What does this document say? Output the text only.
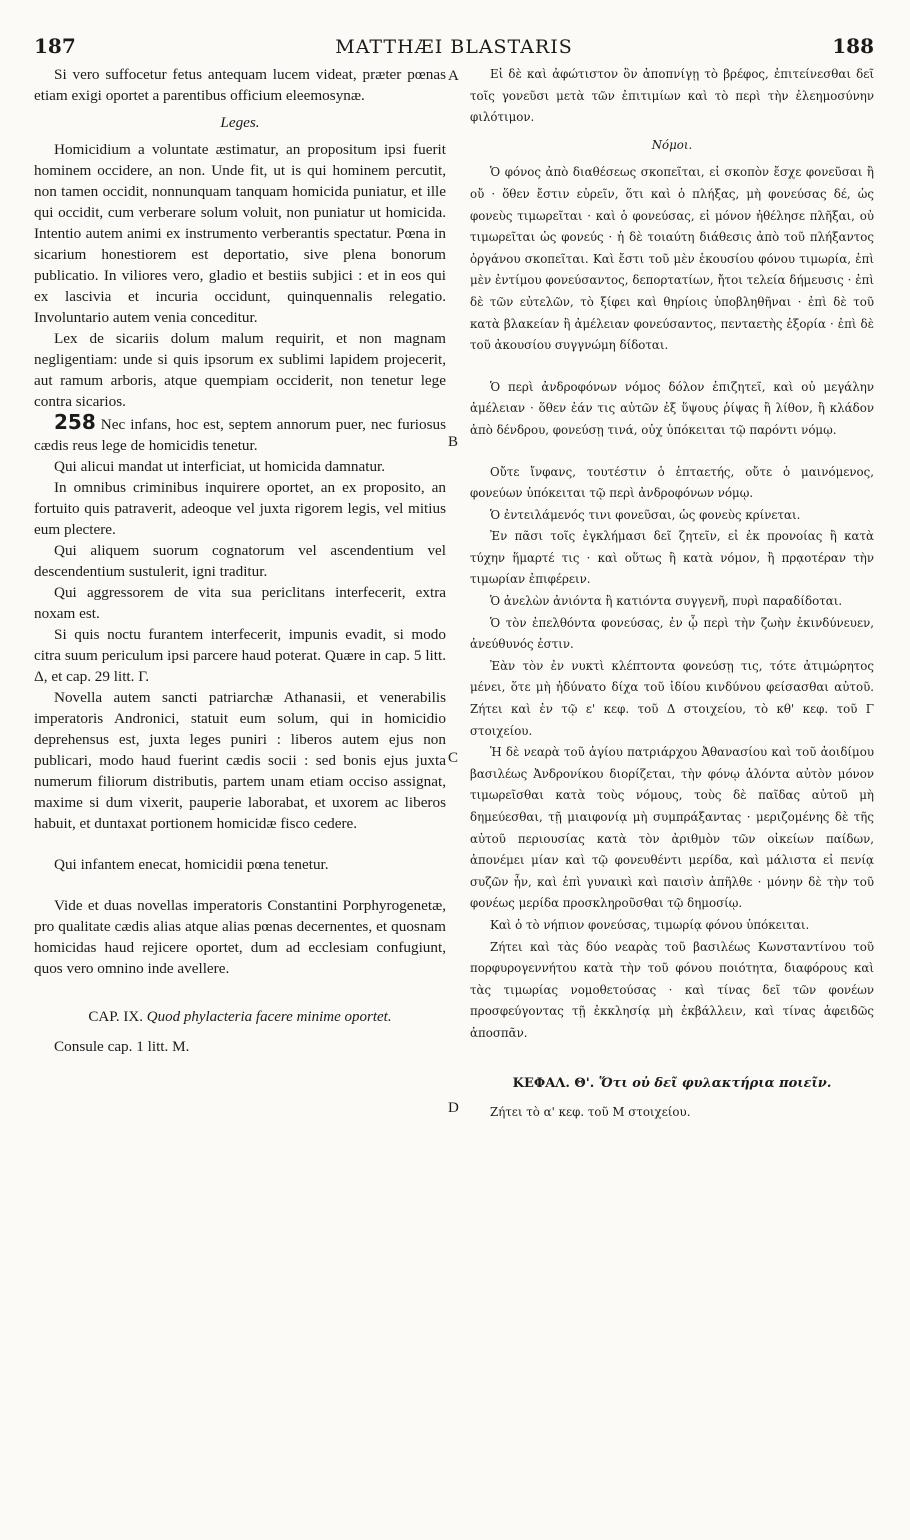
187	MATTHÆI BLASTARIS	188
A
B
C
D

Si vero suffocetur fetus antequam lucem videat, præter pœnas etiam exigi oportet a parentibus officium eleemosynæ.

Leges.

Homicidium a voluntate æstimatur, an propositum ipsi fuerit hominem occidere, an non. Unde fit, ut is qui hominem percutit, non tamen occidit, nonnunquam tanquam homicida puniatur, et ille qui occidit, cum verberare solum voluit, non puniatur ut homicida. Intentio autem animi ex instrumento verberantis spectatur. Pœna in sicarium honestiorem est deportatio, sive plena bonorum publicatio. In viliores vero, gladio et bestiis subjici : et in eos qui ex lascivia et incuria occidunt, quinquennalis relegatio. Involuntario autem venia conceditur.

Lex de sicariis dolum malum requirit, et non magnam negligentiam: unde si quis ipsorum ex sublimi lapidem projecerit, aut ramum arboris, atque quempiam occiderit, non tenetur lege contra sicarios.

258 Nec infans, hoc est, septem annorum puer, nec furiosus cædis reus lege de homicidis tenetur.

Qui alicui mandat ut interficiat, ut homicida damnatur.

In omnibus criminibus inquirere oportet, an ex proposito, an fortuito quis patraverit, adeoque vel juxta rigorem legis, vel mitius eum plectere.

Qui aliquem suorum cognatorum vel ascendentium vel descendentium sustulerit, igni traditur.

Qui aggressorem de vita sua periclitans interfecerit, extra noxam est.

Si quis noctu furantem interfecerit, impunis evadit, si modo citra suum periculum ipsi parcere haud poterat. Quære in cap. 5 litt. Δ, et cap. 29 litt. Γ.

Novella autem sancti patriarchæ Athanasii, et venerabilis imperatoris Andronici, statuit eum solum, qui in homicidio deprehensus est, juxta leges puniri : liberos autem ejus non publicari, modo haud fuerint cædis socii : sed bonis ejus juxta numerum filiorum distributis, partem unam etiam occiso assignat, maxime si dum vixerit, pauperie laborabat, et uxorem ac liberos habuit, et duntaxat portionem homicidæ fisco cedere.

Qui infantem enecat, homicidii pœna tenetur.

Vide et duas novellas imperatoris Constantini Porphyrogenetæ, pro qualitate cædis alias atque alias pœnas decernentes, et quosnam homicidas haud rejicere oportet, dum ad ecclesiam confugiunt, quos vero omnino inde avellere.

CAP. IX. Quod phylacteria facere minime oportet.

Consule cap. 1 litt. M.

Εἰ δὲ καὶ ἀφώτιστον ὂν ἀποπνίγῃ τὸ βρέφος, ἐπιτείνεσθαι δεῖ τοῖς γονεῦσι μετὰ τῶν ἐπιτιμίων καὶ τὸ περὶ τὴν ἐλεημοσύνην φιλότιμον.

Νόμοι.

Ὁ φόνος ἀπὸ διαθέσεως σκοπεῖται, εἰ σκοπὸν ἔσχε φονεῦσαι ἢ οὔ · ὅθεν ἔστιν εὑρεῖν, ὅτι καὶ ὁ πλήξας, μὴ φονεύσας δέ, ὡς φονεὺς τιμωρεῖται · καὶ ὁ φονεύσας, εἰ μόνον ἠθέλησε πλῆξαι, οὐ τιμωρεῖται ὡς φονεύς · ἡ δὲ τοιαύτη διάθεσις ἀπὸ τοῦ πλήξαντος ὀργάνου σκοπεῖται. Καὶ ἔστι τοῦ μὲν ἑκουσίου φόνου τιμωρία, ἐπὶ μὲν ἐντίμου φονεύσαντος, δεπορτατίων, ἤτοι τελεία δήμευσις · ἐπὶ δὲ τῶν εὐτελῶν, τὸ ξίφει καὶ θηρίοις ὑποβληθῆναι · ἐπὶ δὲ τοῦ κατὰ βλακείαν ἢ ἀμέλειαν φονεύσαντος, πενταετὴς ἐξορία · ἐπὶ δὲ τοῦ ἀκουσίου συγγνώμη δίδοται.

Ὁ περὶ ἀνδροφόνων νόμος δόλον ἐπιζητεῖ, καὶ οὐ μεγάλην ἀμέλειαν · ὅθεν ἐάν τις αὐτῶν ἐξ ὕψους ῥίψας ἢ λίθον, ἢ κλάδον ἀπὸ δένδρου, φονεύσῃ τινά, οὐχ ὑπόκειται τῷ παρόντι νόμῳ.

Οὔτε ἴνφανς, τουτέστιν ὁ ἑπταετής, οὔτε ὁ μαινόμενος, φονεύων ὑπόκειται τῷ περὶ ἀνδροφόνων νόμῳ.

Ὁ ἐντειλάμενός τινι φονεῦσαι, ὡς φονεὺς κρίνεται.

Ἐν πᾶσι τοῖς ἐγκλήμασι δεῖ ζητεῖν, εἰ ἐκ προνοίας ἢ κατὰ τύχην ἥμαρτέ τις · καὶ οὕτως ἢ κατὰ νόμον, ἢ πρᾳοτέραν τὴν τιμωρίαν ἐπιφέρειν.

Ὁ ἀνελὼν ἀνιόντα ἢ κατιόντα συγγενῆ, πυρὶ παραδίδοται.

Ὁ τὸν ἐπελθόντα φονεύσας, ἐν ᾧ περὶ τὴν ζωὴν ἐκινδύνευεν, ἀνεύθυνός ἐστιν.

Ἐὰν τὸν ἐν νυκτὶ κλέπτοντα φονεύσῃ τις, τότε ἀτιμώρητος μένει, ὅτε μὴ ἠδύνατο δίχα τοῦ ἰδίου κινδύνου φείσασθαι αὐτοῦ. Ζήτει καὶ ἐν τῷ ε' κεφ. τοῦ Δ στοιχείου, τὸ κθ' κεφ. τοῦ Γ στοιχείου.

Ἡ δὲ νεαρὰ τοῦ ἁγίου πατριάρχου Ἀθανασίου καὶ τοῦ ἀοιδίμου βασιλέως Ἀνδρονίκου διορίζεται, τὴν φόνῳ ἁλόντα αὐτὸν μόνον τιμωρεῖσθαι κατὰ τοὺς νόμους, τοὺς δὲ παῖδας αὐτοῦ μὴ δημεύεσθαι, τῇ μιαιφονίᾳ μὴ συμπράξαντας · μεριζομένης δὲ τῆς αὐτοῦ περιουσίας κατὰ τὸν ἀριθμὸν τῶν οἰκείων παίδων, ἀπονέμει μίαν καὶ τῷ φονευθέντι μερίδα, καὶ μάλιστα εἰ πενίᾳ συζῶν ἦν, καὶ ἐπὶ γυναικὶ καὶ παισὶν ἀπῆλθε · μόνην δὲ τὴν τοῦ φονέως μερίδα προσκληροῦσθαι τῷ δημοσίῳ.

Καὶ ὁ τὸ νήπιον φονεύσας, τιμωρίᾳ φόνου ὑπόκειται.

Ζήτει καὶ τὰς δύο νεαρὰς τοῦ βασιλέως Κωνσταντίνου τοῦ πορφυρογεννήτου κατὰ τὴν τοῦ φόνου ποιότητα, διαφόρους καὶ τὰς τιμωρίας νομοθετούσας · καὶ τίνας δεῖ τῶν φονέων προσφεύγοντας τῇ ἐκκλησίᾳ μὴ ἐκβάλλειν, καὶ τίνας ἀφειδῶς ἀποσπᾶν.

ΚΕΦΑΛ. Θ'. Ὅτι οὐ δεῖ φυλακτήρια ποιεῖν.

Ζήτει τὸ α' κεφ. τοῦ Μ στοιχείου.
